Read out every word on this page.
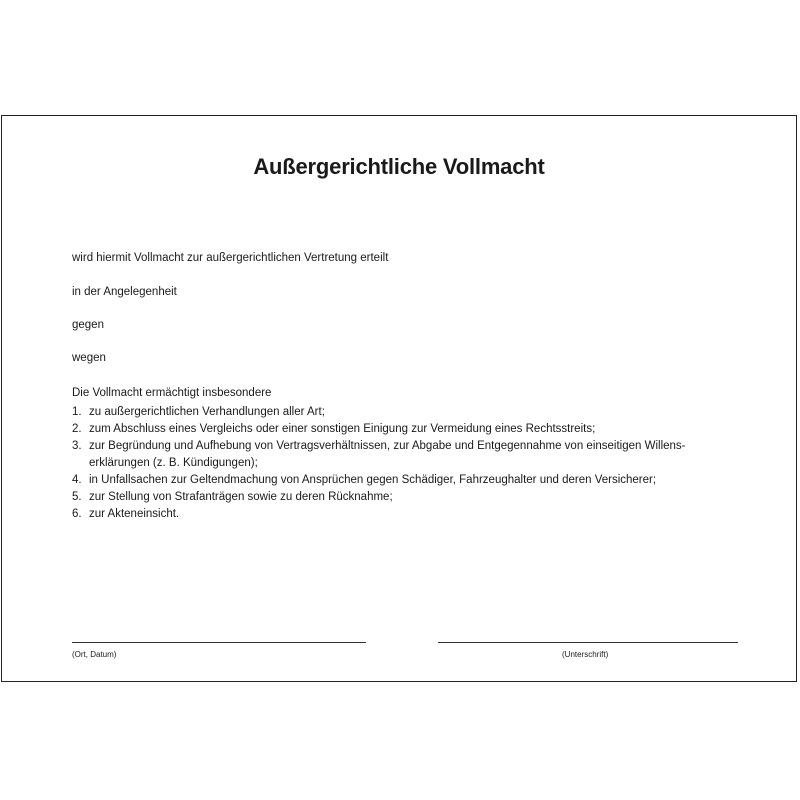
Außergerichtliche Vollmacht
wird hiermit Vollmacht zur außergerichtlichen Vertretung erteilt
in der Angelegenheit
gegen
wegen
Die Vollmacht ermächtigt insbesondere
1. zu außergerichtlichen Verhandlungen aller Art;
2. zum Abschluss eines Vergleichs oder einer sonstigen Einigung zur Vermeidung eines Rechtsstreits;
3. zur Begründung und Aufhebung von Vertragsverhältnissen, zur Abgabe und Entgegennahme von einseitigen Willens-
erklärungen (z. B. Kündigungen);
4. in Unfallsachen zur Geltendmachung von Ansprüchen gegen Schädiger, Fahrzeughalter und deren Versicherer;
5. zur Stellung von Strafanträgen sowie zu deren Rücknahme;
6. zur Akteneinsicht.
(Ort, Datum)	(Unterschrift)
